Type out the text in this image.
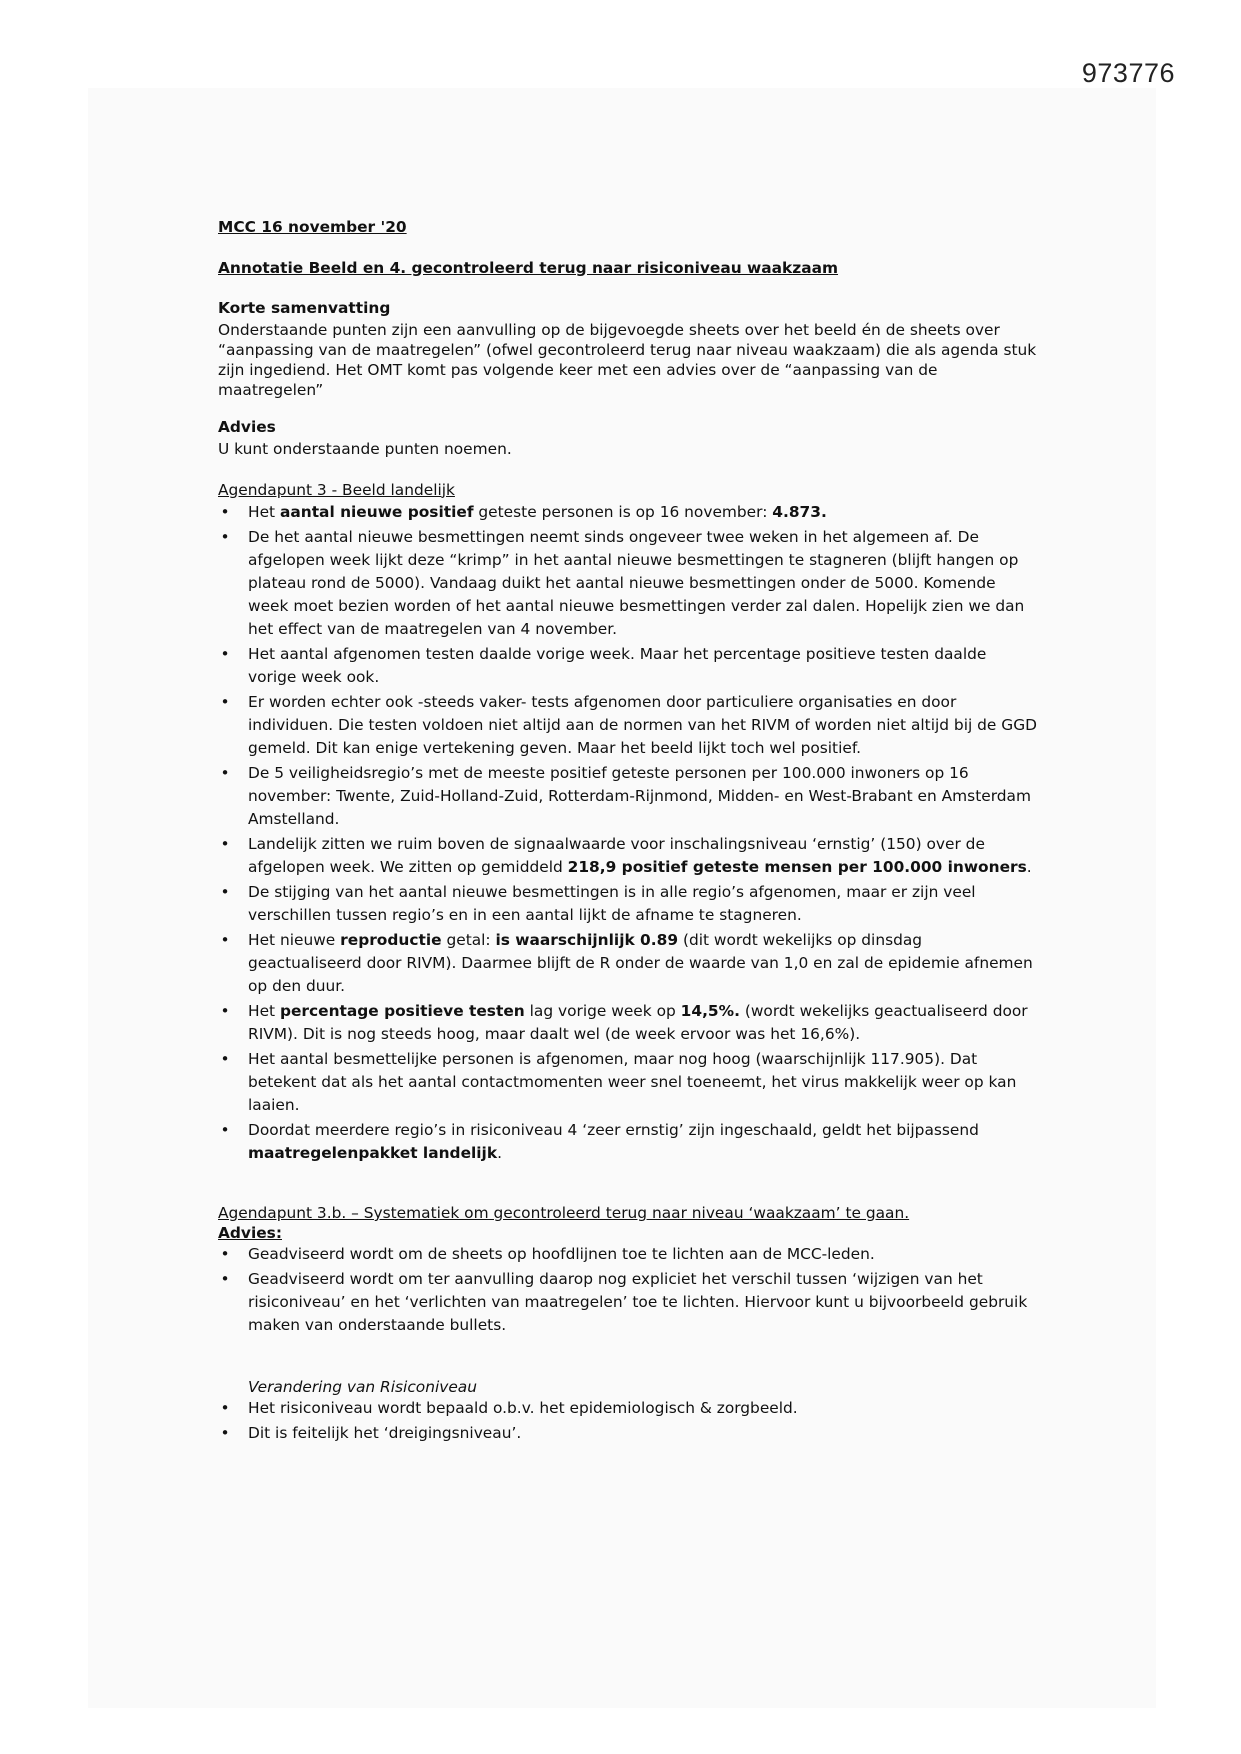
973776

MCC 16 november '20

Annotatie Beeld en 4. gecontroleerd terug naar risiconiveau waakzaam

Korte samenvatting

Onderstaande punten zijn een aanvulling op de bijgevoegde sheets over het beeld én de sheets over “aanpassing van de maatregelen” (ofwel gecontroleerd terug naar niveau waakzaam) die als agenda stuk zijn ingediend. Het OMT komt pas volgende keer met een advies over de “aanpassing van de maatregelen”

Advies

U kunt onderstaande punten noemen.

Agendapunt 3 - Beeld landelijk

• Het aantal nieuwe positief geteste personen is op 16 november: 4.873.
• De het aantal nieuwe besmettingen neemt sinds ongeveer twee weken in het algemeen af. De afgelopen week lijkt deze “krimp” in het aantal nieuwe besmettingen te stagneren (blijft hangen op plateau rond de 5000). Vandaag duikt het aantal nieuwe besmettingen onder de 5000. Komende week moet bezien worden of het aantal nieuwe besmettingen verder zal dalen. Hopelijk zien we dan het effect van de maatregelen van 4 november.
• Het aantal afgenomen testen daalde vorige week. Maar het percentage positieve testen daalde vorige week ook.
• Er worden echter ook -steeds vaker- tests afgenomen door particuliere organisaties en door individuen. Die testen voldoen niet altijd aan de normen van het RIVM of worden niet altijd bij de GGD gemeld. Dit kan enige vertekening geven. Maar het beeld lijkt toch wel positief.
• De 5 veiligheidsregio’s met de meeste positief geteste personen per 100.000 inwoners op 16 november: Twente, Zuid-Holland-Zuid, Rotterdam-Rijnmond, Midden- en West-Brabant en Amsterdam Amstelland.
• Landelijk zitten we ruim boven de signaalwaarde voor inschalingsniveau ‘ernstig’ (150) over de afgelopen week. We zitten op gemiddeld 218,9 positief geteste mensen per 100.000 inwoners.
• De stijging van het aantal nieuwe besmettingen is in alle regio’s afgenomen, maar er zijn veel verschillen tussen regio’s en in een aantal lijkt de afname te stagneren.
• Het nieuwe reproductie getal: is waarschijnlijk 0.89 (dit wordt wekelijks op dinsdag geactualiseerd door RIVM). Daarmee blijft de R onder de waarde van 1,0 en zal de epidemie afnemen op den duur.
• Het percentage positieve testen lag vorige week op 14,5%. (wordt wekelijks geactualiseerd door RIVM). Dit is nog steeds hoog, maar daalt wel (de week ervoor was het 16,6%).
• Het aantal besmettelijke personen is afgenomen, maar nog hoog (waarschijnlijk 117.905). Dat betekent dat als het aantal contactmomenten weer snel toeneemt, het virus makkelijk weer op kan laaien.
• Doordat meerdere regio’s in risiconiveau 4 ‘zeer ernstig’ zijn ingeschaald, geldt het bijpassend maatregelenpakket landelijk.

Agendapunt 3.b. – Systematiek om gecontroleerd terug naar niveau ‘waakzaam’ te gaan.

Advies:

• Geadviseerd wordt om de sheets op hoofdlijnen toe te lichten aan de MCC-leden.
• Geadviseerd wordt om ter aanvulling daarop nog expliciet het verschil tussen ‘wijzigen van het risiconiveau’ en het ‘verlichten van maatregelen’ toe te lichten. Hiervoor kunt u bijvoorbeeld gebruik maken van onderstaande bullets.

Verandering van Risiconiveau

• Het risiconiveau wordt bepaald o.b.v. het epidemiologisch & zorgbeeld.
• Dit is feitelijk het ‘dreigingsniveau’.
